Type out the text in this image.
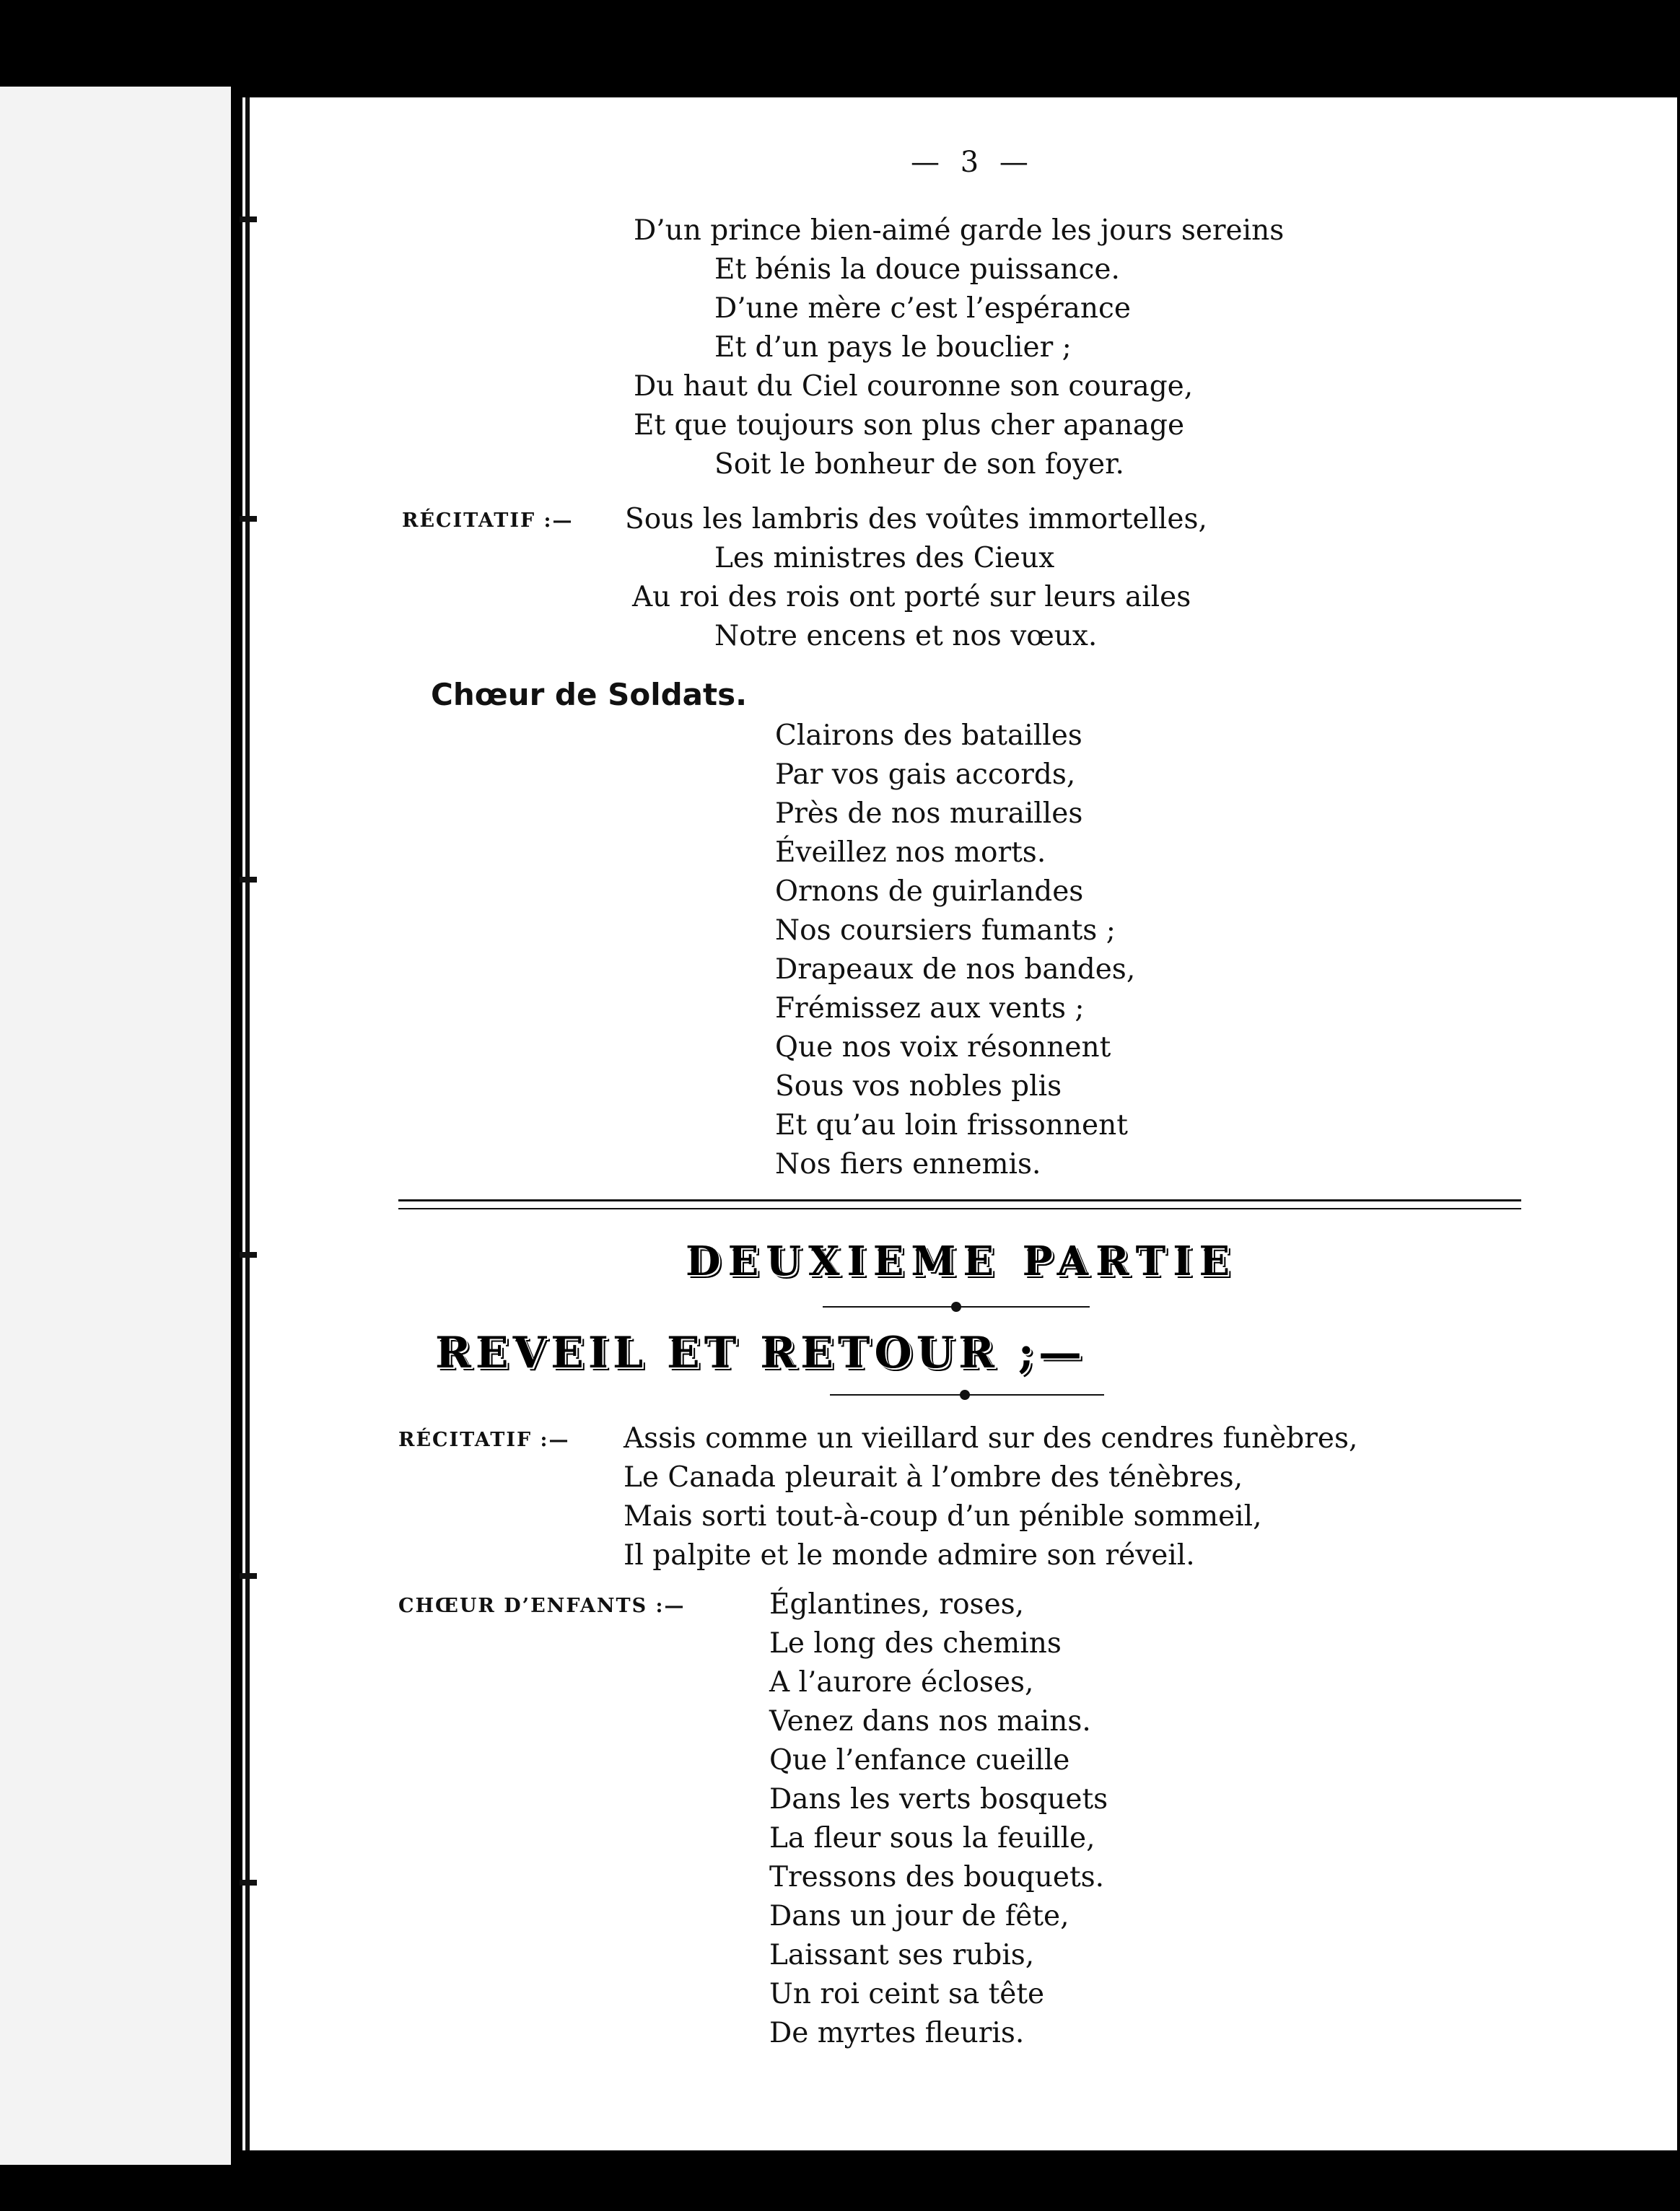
— 3 —
D’un prince bien-aimé garde les jours sereins
Et bénis la douce puissance.
D’une mère c’est l’espérance
Et d’un pays le bouclier ;
Du haut du Ciel couronne son courage,
Et que toujours son plus cher apanage
Soit le bonheur de son foyer.
RÉCITATIF :— Sous les lambris des voûtes immortelles,
Les ministres des Cieux
Au roi des rois ont porté sur leurs ailes
Notre encens et nos vœux.
Chœur de Soldats.
Clairons des batailles
Par vos gais accords,
Près de nos murailles
Éveillez nos morts.
Ornons de guirlandes
Nos coursiers fumants ;
Drapeaux de nos bandes,
Frémissez aux vents ;
Que nos voix résonnent
Sous vos nobles plis
Et qu’au loin frissonnent
Nos fiers ennemis.
DEUXIEME PARTIE
REVEIL ET RETOUR ;—
RÉCITATIF :— Assis comme un vieillard sur des cendres funèbres,
Le Canada pleurait à l’ombre des ténèbres,
Mais sorti tout-à-coup d’un pénible sommeil,
Il palpite et le monde admire son réveil.
CHŒUR D’ENFANTS :—	Églantines, roses,
Le long des chemins
A l’aurore écloses,
Venez dans nos mains.
Que l’enfance cueille
Dans les verts bosquets
La fleur sous la feuille,
Tressons des bouquets.
Dans un jour de fête,
Laissant ses rubis,
Un roi ceint sa tête
De myrtes fleuris.
